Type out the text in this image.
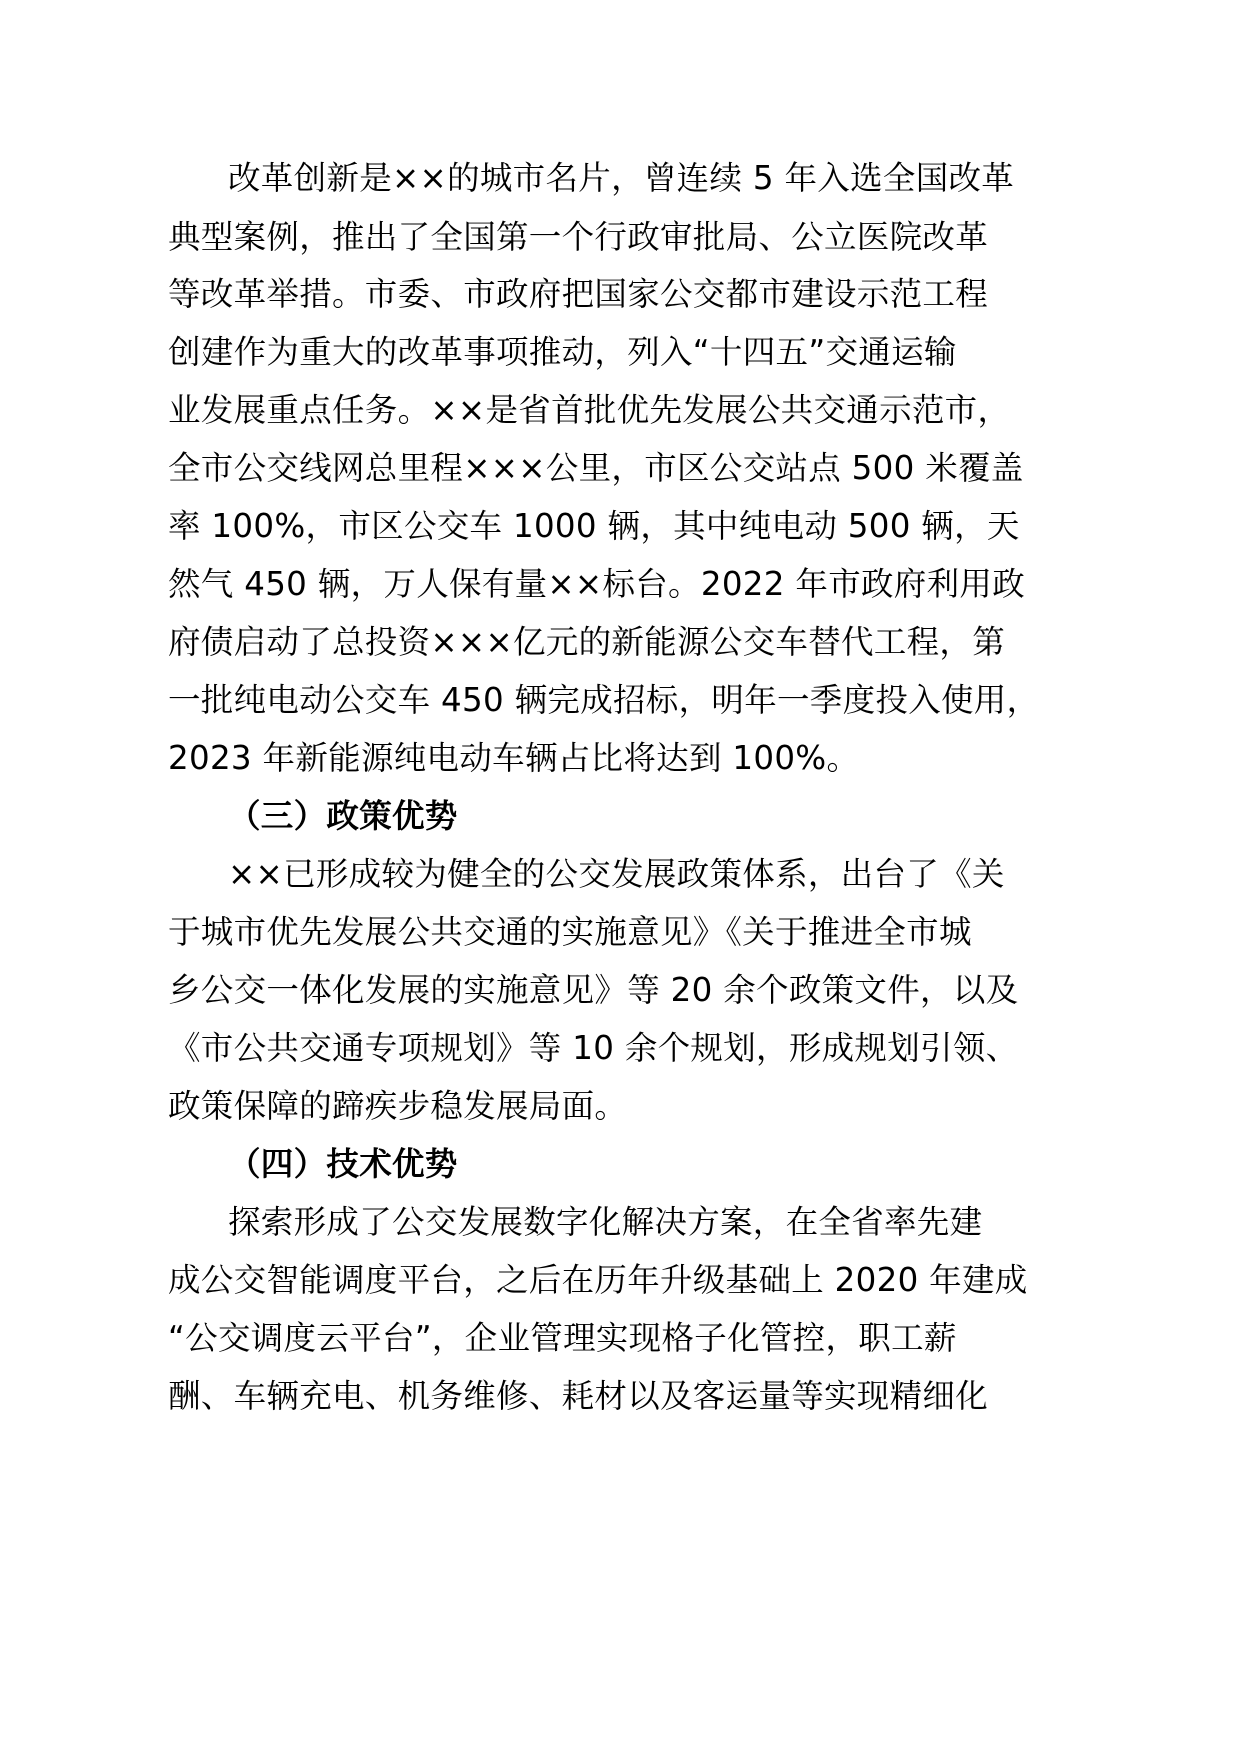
改革创新是××的城市名片，曾连续 5 年入选全国改革
典型案例，推出了全国第一个行政审批局、公立医院改革
等改革举措。市委、市政府把国家公交都市建设示范工程
创建作为重大的改革事项推动，列入“十四五”交通运输
业发展重点任务。××是省首批优先发展公共交通示范市，
全市公交线网总里程×××公里，市区公交站点 500 米覆盖
率 100%，市区公交车 1000 辆，其中纯电动 500 辆，天
然气 450 辆，万人保有量××标台。2022 年市政府利用政
府债启动了总投资×××亿元的新能源公交车替代工程，第
一批纯电动公交车 450 辆完成招标，明年一季度投入使用，
2023 年新能源纯电动车辆占比将达到 100%。
（三）政策优势
××已形成较为健全的公交发展政策体系，出台了《关
于城市优先发展公共交通的实施意见》《关于推进全市城
乡公交一体化发展的实施意见》等 20 余个政策文件，以及
《市公共交通专项规划》等 10 余个规划，形成规划引领、
政策保障的蹄疾步稳发展局面。
（四）技术优势
探索形成了公交发展数字化解决方案，在全省率先建
成公交智能调度平台，之后在历年升级基础上 2020 年建成
“公交调度云平台”，企业管理实现格子化管控，职工薪
酬、车辆充电、机务维修、耗材以及客运量等实现精细化
